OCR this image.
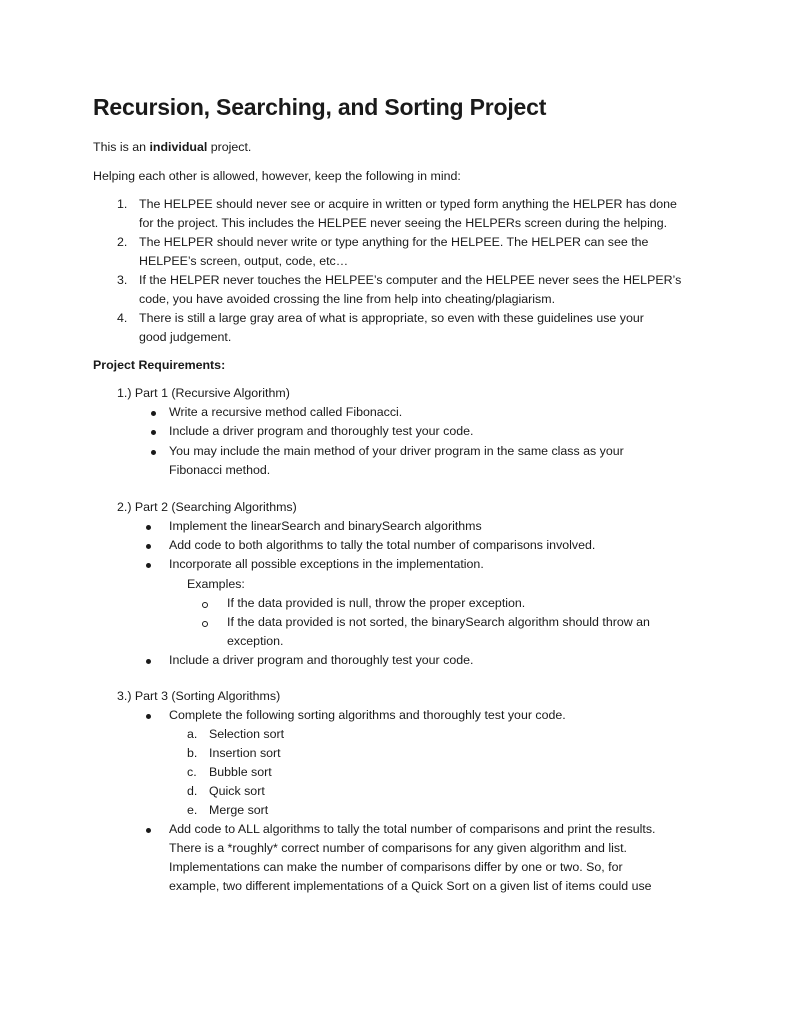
Recursion, Searching, and Sorting Project
This is an individual project.
Helping each other is allowed, however, keep the following in mind:
1. The HELPEE should never see or acquire in written or typed form anything the HELPER has done
for the project. This includes the HELPEE never seeing the HELPERs screen during the helping.
2. The HELPER should never write or type anything for the HELPEE. The HELPER can see the
HELPEE’s screen, output, code, etc…
3. If the HELPER never touches the HELPEE’s computer and the HELPEE never sees the HELPER’s
code, you have avoided crossing the line from help into cheating/plagiarism.
4. There is still a large gray area of what is appropriate, so even with these guidelines use your
good judgement.
Project Requirements:
1.) Part 1 (Recursive Algorithm)
Write a recursive method called Fibonacci.
Include a driver program and thoroughly test your code.
You may include the main method of your driver program in the same class as your
Fibonacci method.
2.) Part 2 (Searching Algorithms)
Implement the linearSearch and binarySearch algorithms
Add code to both algorithms to tally the total number of comparisons involved.
Incorporate all possible exceptions in the implementation.
Examples:
If the data provided is null, throw the proper exception.
If the data provided is not sorted, the binarySearch algorithm should throw an
exception.
Include a driver program and thoroughly test your code.
3.) Part 3 (Sorting Algorithms)
Complete the following sorting algorithms and thoroughly test your code.
a. Selection sort
b. Insertion sort
c. Bubble sort
d. Quick sort
e. Merge sort
Add code to ALL algorithms to tally the total number of comparisons and print the results.
There is a *roughly* correct number of comparisons for any given algorithm and list.
Implementations can make the number of comparisons differ by one or two. So, for
example, two different implementations of a Quick Sort on a given list of items could use
